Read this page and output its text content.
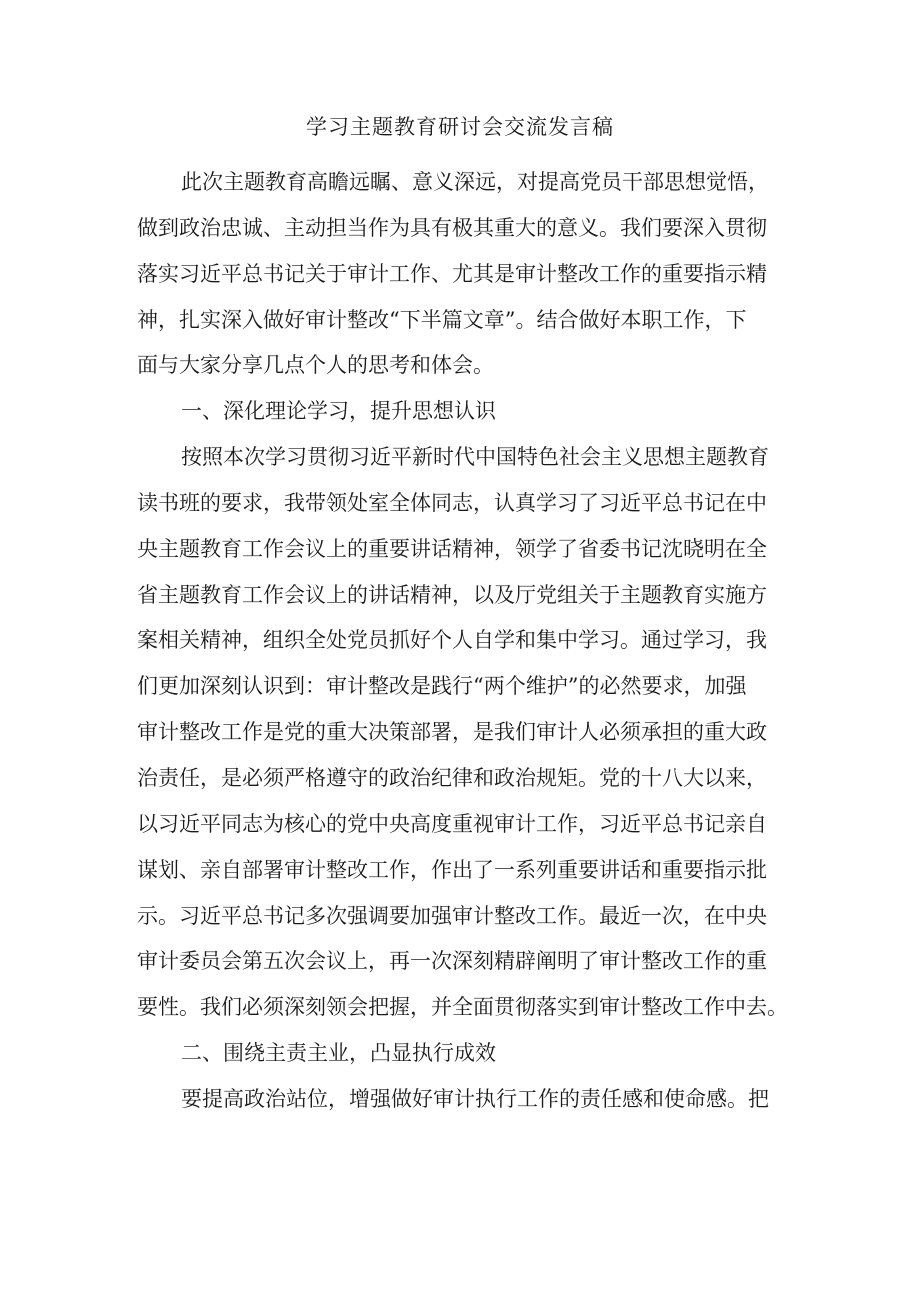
学习主题教育研讨会交流发言稿
此次主题教育高瞻远瞩、意义深远，对提高党员干部思想觉悟，
做到政治忠诚、主动担当作为具有极其重大的意义。我们要深入贯彻
落实习近平总书记关于审计工作、尤其是审计整改工作的重要指示精
神，扎实深入做好审计整改“下半篇文章”。结合做好本职工作，下
面与大家分享几点个人的思考和体会。
一、深化理论学习，提升思想认识
按照本次学习贯彻习近平新时代中国特色社会主义思想主题教育
读书班的要求，我带领处室全体同志，认真学习了习近平总书记在中
央主题教育工作会议上的重要讲话精神，领学了省委书记沈晓明在全
省主题教育工作会议上的讲话精神，以及厅党组关于主题教育实施方
案相关精神，组织全处党员抓好个人自学和集中学习。通过学习，我
们更加深刻认识到：审计整改是践行“两个维护”的必然要求，加强
审计整改工作是党的重大决策部署，是我们审计人必须承担的重大政
治责任，是必须严格遵守的政治纪律和政治规矩。党的十八大以来，
以习近平同志为核心的党中央高度重视审计工作，习近平总书记亲自
谋划、亲自部署审计整改工作，作出了一系列重要讲话和重要指示批
示。习近平总书记多次强调要加强审计整改工作。最近一次，在中央
审计委员会第五次会议上，再一次深刻精辟阐明了审计整改工作的重
要性。我们必须深刻领会把握，并全面贯彻落实到审计整改工作中去。
二、围绕主责主业，凸显执行成效
要提高政治站位，增强做好审计执行工作的责任感和使命感。把
